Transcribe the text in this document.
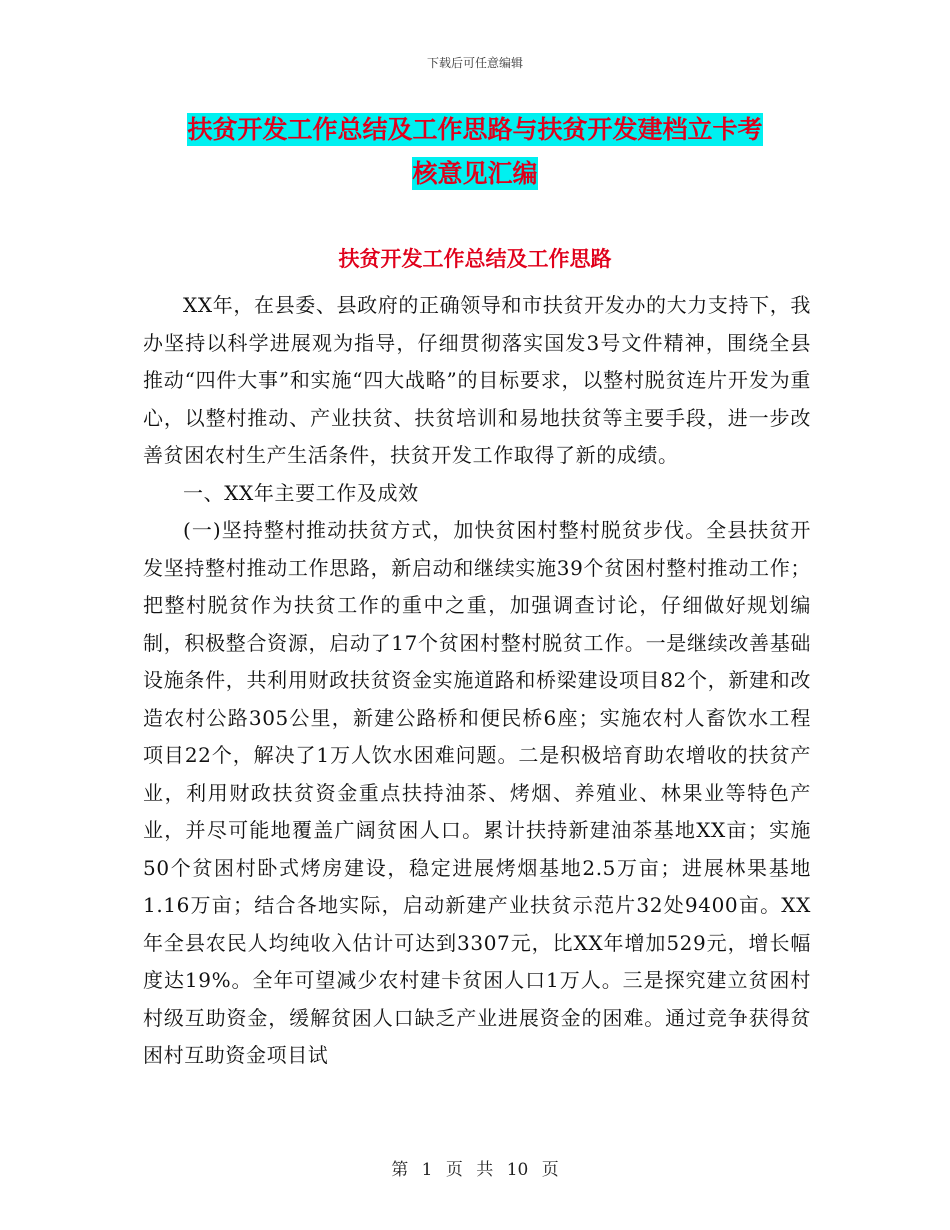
下载后可任意编辑
扶贫开发工作总结及工作思路与扶贫开发建档立卡考
核意见汇编
扶贫开发工作总结及工作思路

XX年，在县委、县政府的正确领导和市扶贫开发办的大力支持下，我办坚持以科学进展观为指导，仔细贯彻落实国发3号文件精神，围绕全县推动“四件大事”和实施“四大战略”的目标要求，以整村脱贫连片开发为重心，以整村推动、产业扶贫、扶贫培训和易地扶贫等主要手段，进一步改善贫困农村生产生活条件，扶贫开发工作取得了新的成绩。

一、XX年主要工作及成效

(一)坚持整村推动扶贫方式，加快贫困村整村脱贫步伐。全县扶贫开发坚持整村推动工作思路，新启动和继续实施39个贫困村整村推动工作；把整村脱贫作为扶贫工作的重中之重，加强调查讨论，仔细做好规划编制，积极整合资源，启动了17个贫困村整村脱贫工作。一是继续改善基础设施条件，共利用财政扶贫资金实施道路和桥梁建设项目82个，新建和改造农村公路305公里，新建公路桥和便民桥6座；实施农村人畜饮水工程项目22个，解决了1万人饮水困难问题。二是积极培育助农增收的扶贫产业，利用财政扶贫资金重点扶持油茶、烤烟、养殖业、林果业等特色产业，并尽可能地覆盖广阔贫困人口。累计扶持新建油茶基地XX亩；实施50个贫困村卧式烤房建设，稳定进展烤烟基地2.5万亩；进展林果基地1.16万亩；结合各地实际，启动新建产业扶贫示范片32处9400亩。XX年全县农民人均纯收入估计可达到3307元，比XX年增加529元，增长幅度达19%。全年可望减少农村建卡贫困人口1万人。三是探究建立贫困村村级互助资金，缓解贫困人口缺乏产业进展资金的困难。通过竞争获得贫困村互助资金项目试

第 1 页 共 10 页
